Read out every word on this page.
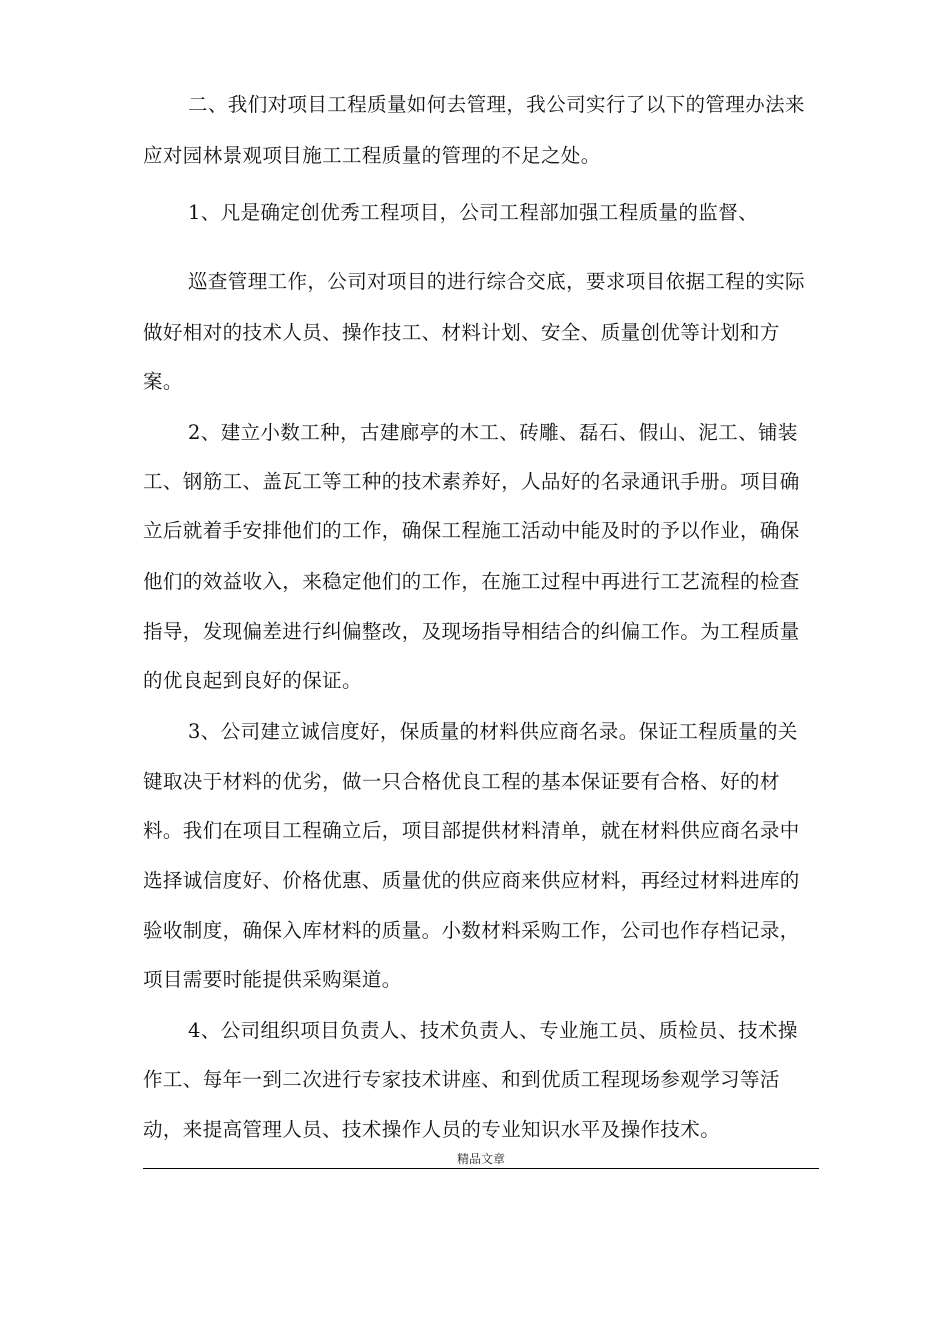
二、我们对项目工程质量如何去管理，我公司实行了以下的管理办法来
应对园林景观项目施工工程质量的管理的不足之处。
1、凡是确定创优秀工程项目，公司工程部加强工程质量的监督、
巡查管理工作，公司对项目的进行综合交底，要求项目依据工程的实际
做好相对的技术人员、操作技工、材料计划、安全、质量创优等计划和方
案。
2、建立小数工种，古建廊亭的木工、砖雕、磊石、假山、泥工、铺装
工、钢筋工、盖瓦工等工种的技术素养好，人品好的名录通讯手册。项目确
立后就着手安排他们的工作，确保工程施工活动中能及时的予以作业，确保
他们的效益收入，来稳定他们的工作，在施工过程中再进行工艺流程的检查
指导，发现偏差进行纠偏整改，及现场指导相结合的纠偏工作。为工程质量
的优良起到良好的保证。
3、公司建立诚信度好，保质量的材料供应商名录。保证工程质量的关
键取决于材料的优劣，做一只合格优良工程的基本保证要有合格、好的材
料。我们在项目工程确立后，项目部提供材料清单，就在材料供应商名录中
选择诚信度好、价格优惠、质量优的供应商来供应材料，再经过材料进库的
验收制度，确保入库材料的质量。小数材料采购工作，公司也作存档记录，
项目需要时能提供采购渠道。
4、公司组织项目负责人、技术负责人、专业施工员、质检员、技术操
作工、每年一到二次进行专家技术讲座、和到优质工程现场参观学习等活
动，来提高管理人员、技术操作人员的专业知识水平及操作技术。
精品文章
